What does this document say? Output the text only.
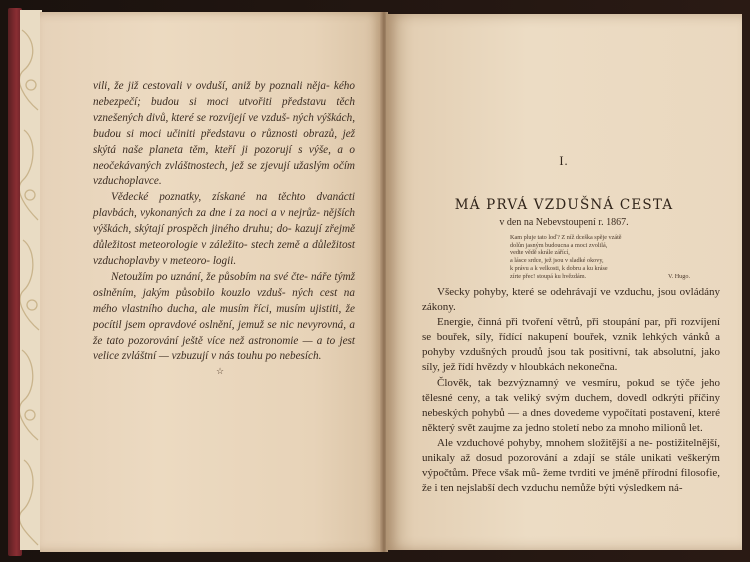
vili, že již cestovali v ovduší, aniž by poznali něja- kého nebezpečí; budou si moci utvořiti představu těch vznešených divů, které se rozvíjejí ve vzduš- ných výškách, budou si moci učiniti představu o různosti obrazů, jež skýtá naše planeta těm, kteří ji pozorují s výše, a o neočekávaných zvláštnostech, jež se zjevují užaslým očím vzduchoplavce.

Vědecké poznatky, získané na těchto dvanácti plavbách, vykonaných za dne i za noci a v nejrůz- nějších výškách, skýtají prospěch jiného druhu; do- kazují zřejmě důležitost meteorologie v záležito- stech země a důležitost vzduchoplavby v meteoro- logii.

Netoužím po uznání, že působím na své čte- náře týmž oslněním, jakým působilo kouzlo vzduš- ných cest na mého vlastního ducha, ale musím říci, musím ujistiti, že pocítil jsem opravdové oslnění, jemuž se nic nevyrovná, a že tato pozorování ještě více než astronomie — a to jest velice zvláštní — vzbuzují v nás touhu po nebesích.

☆
I.
MÁ PRVÁ VZDUŠNÁ CESTA
v den na Nebevstoupení r. 1867.
Kam pluje tato loď? Z níž dceška spěje vzátě
dolůn jasným budoucna a moci zvolilá,
vedte vědě skrále zářící,
a lásce srdce, jež jsou v sladké okovy,
k právu a k velkosti, k dobru a ku kráse
zírte přec! stoupá ku hvězdám.	V. Hugo.

Všecky pohyby, které se odehrávají ve vzduchu, jsou ovládány zákony.

Energie, činná při tvoření větrů, při stoupání par, při rozvíjení se bouřek, síly, řídící nakupení bouřek, vznik lehkých vánků a pohyby vzdušných proudů jsou tak positivní, tak absolutní, jako síly, jež řídí hvězdy v hloubkách nekonečna.

Člověk, tak bezvýznamný ve vesmíru, pokud se týče jeho tělesné ceny, a tak veliký svým duchem, dovedl odkrýti příčiny nebeských pohybů — a dnes dovedeme vypočítati postavení, které některý svět zaujme za jedno století nebo za mnoho milionů let.

Ale vzduchové pohyby, mnohem složitější a ne- postižitelnější, unikaly až dosud pozorování a zdají se stále unikati veškerým výpočtům. Přece však mů- žeme tvrditi ve jméně přírodní filosofie, že i ten nejslabší dech vzduchu nemůže býti výsledkem ná-
